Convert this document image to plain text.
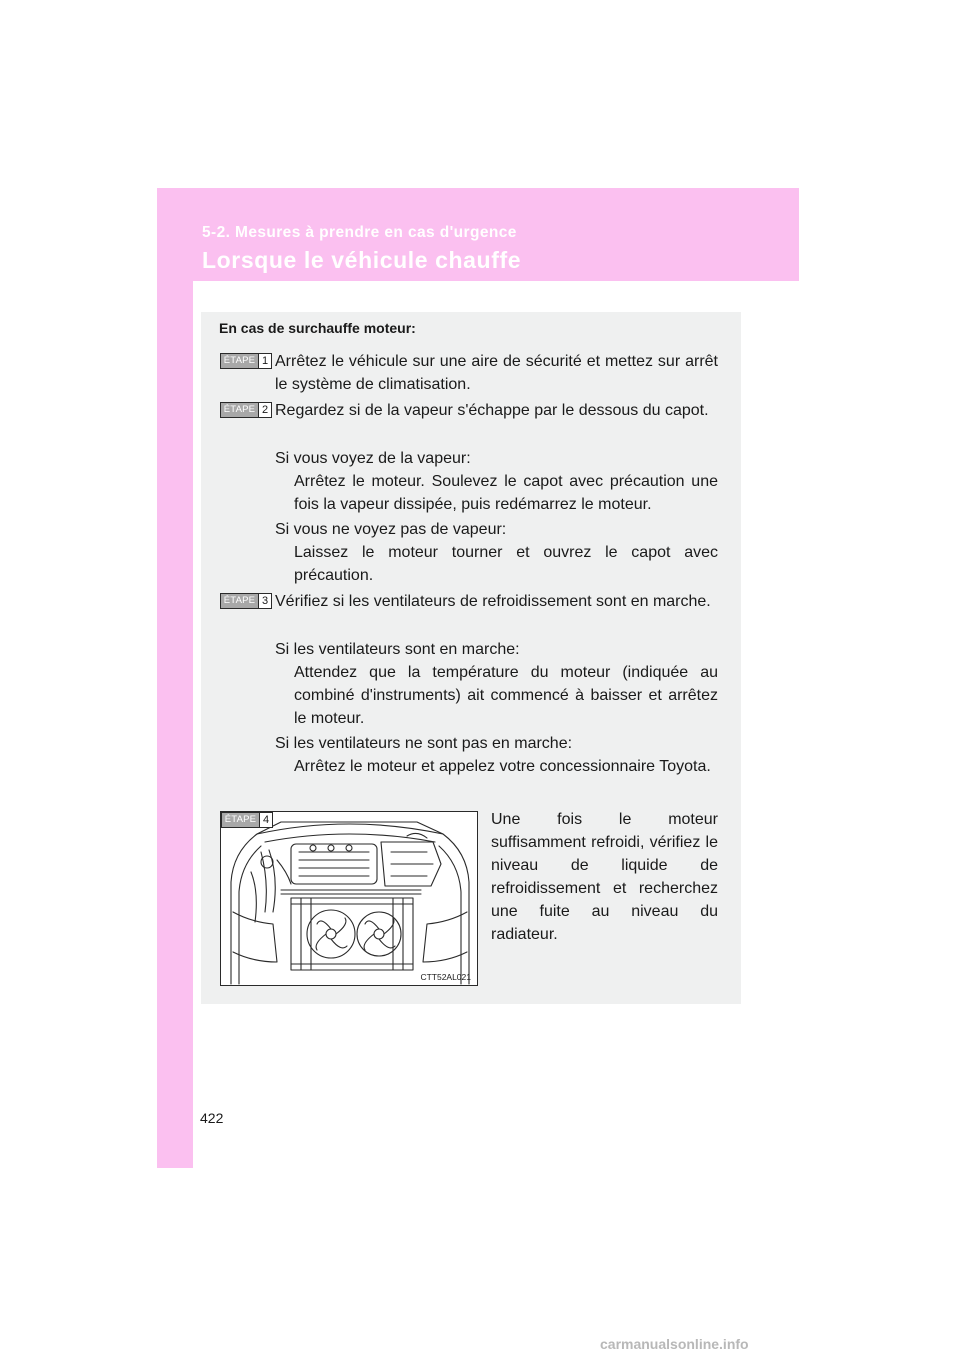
5-2. Mesures à prendre en cas d'urgence
Lorsque le véhicule chauffe
En cas de surchauffe moteur:
ÉTAPE 1 Arrêtez le véhicule sur une aire de sécurité et mettez sur arrêt le système de climatisation.
ÉTAPE 2 Regardez si de la vapeur s'échappe par le dessous du capot.
Si vous voyez de la vapeur:
Arrêtez le moteur. Soulevez le capot avec précaution une fois la vapeur dissipée, puis redémarrez le moteur.
Si vous ne voyez pas de vapeur:
Laissez le moteur tourner et ouvrez le capot avec précaution.
ÉTAPE 3 Vérifiez si les ventilateurs de refroidissement sont en marche.
Si les ventilateurs sont en marche:
Attendez que la température du moteur (indiquée au combiné d'instruments) ait commencé à baisser et arrêtez le moteur.
Si les ventilateurs ne sont pas en marche:
Arrêtez le moteur et appelez votre concessionnaire Toyota.
ÉTAPE 4
CTT52AL021
Une fois le moteur suffisamment refroidi, vérifiez le niveau de liquide de refroidissement et recherchez une fuite au niveau du radiateur.
422
carmanualsonline.info
